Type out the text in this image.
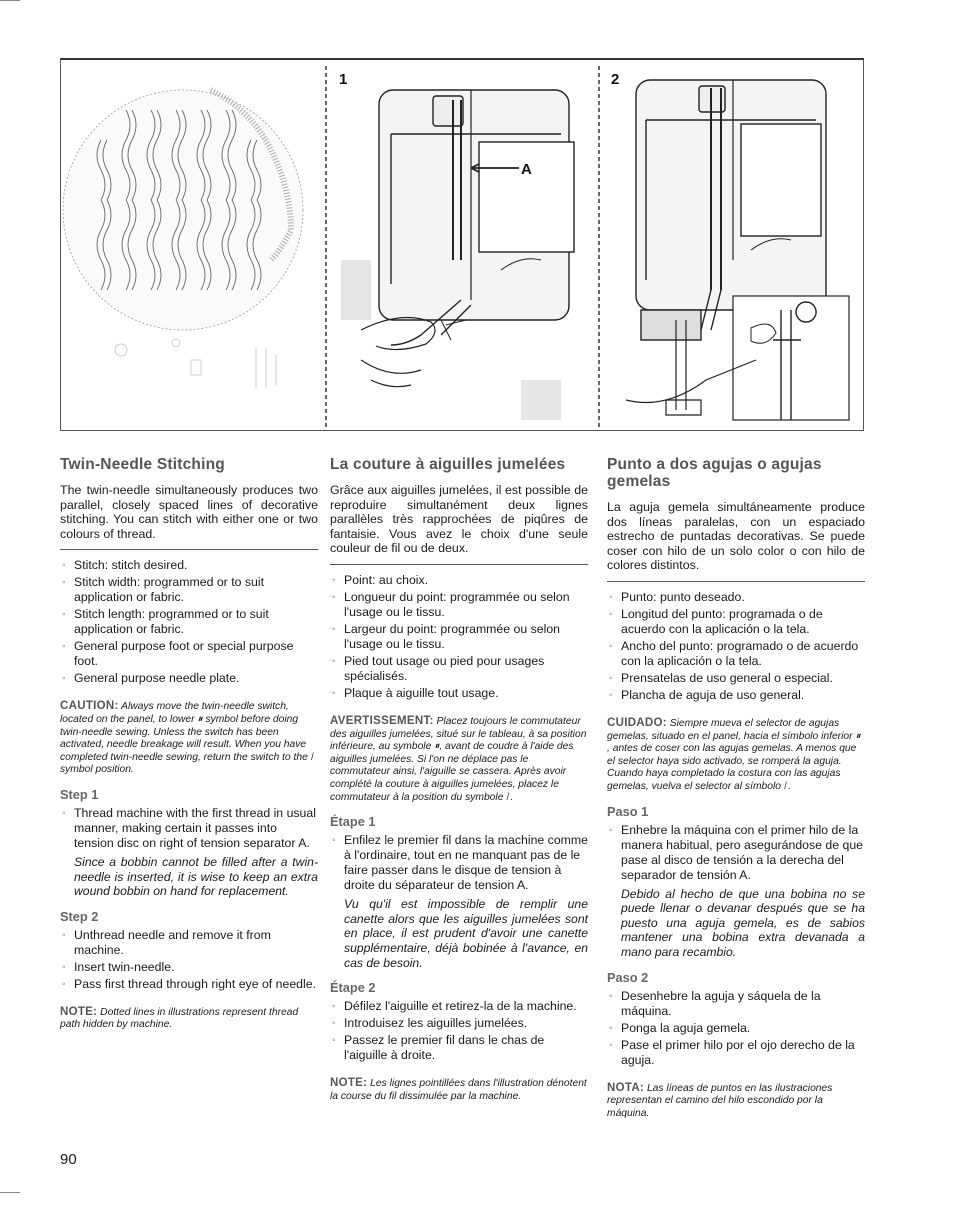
1
A
2
Twin-Needle Stitching

The twin-needle simultaneously produces two parallel, closely spaced lines of decorative stitching. You can stitch with either one or two colours of thread.

◦ Stitch: stitch desired.
◦ Stitch width: programmed or to suit application or fabric.
◦ Stitch length: programmed or to suit application or fabric.
◦ General purpose foot or special purpose foot.
◦ General purpose needle plate.

CAUTION: Always move the twin-needle switch, located on the panel, to lower ⏸ symbol before doing twin-needle sewing. Unless the switch has been activated, needle breakage will result. When you have completed twin-needle sewing, return the switch to the ❘ symbol position.

Step 1
◦ Thread machine with the first thread in usual manner, making certain it passes into tension disc on right of tension separator A.

Since a bobbin cannot be filled after a twin-needle is inserted, it is wise to keep an extra wound bobbin on hand for replacement.

Step 2
◦ Unthread needle and remove it from machine.
◦ Insert twin-needle.
◦ Pass first thread through right eye of needle.

NOTE: Dotted lines in illustrations represent thread path hidden by machine.

La couture à aiguilles jumelées

Grâce aux aiguilles jumelées, il est possible de reproduire simultanément deux lignes parallèles très rapprochées de piqûres de fantaisie. Vous avez le choix d'une seule couleur de fil ou de deux.

◦ Point: au choix.
◦ Longueur du point: programmée ou selon l'usage ou le tissu.
◦ Largeur du point: programmée ou selon l'usage ou le tissu.
◦ Pied tout usage ou pied pour usages spécialisés.
◦ Plaque à aiguille tout usage.

AVERTISSEMENT: Placez toujours le commutateur des aiguilles jumelées, situé sur le tableau, à sa position inférieure, au symbole ⏸, avant de coudre à l'aide des aiguilles jumelées. Si l'on ne déplace pas le commutateur ainsi, l'aiguille se cassera. Après avoir complété la couture à aiguilles jumelées, placez le commutateur à la position du symbole ❘ .

Étape 1
◦ Enfilez le premier fil dans la machine comme à l'ordinaire, tout en ne manquant pas de le faire passer dans le disque de tension à droite du séparateur de tension A.

Vu qu'il est impossible de remplir une canette alors que les aiguilles jumelées sont en place, il est prudent d'avoir une canette supplémentaire, déjà bobinée à l'avance, en cas de besoin.

Étape 2
◦ Défilez l'aiguille et retirez-la de la machine.
◦ Introduisez les aiguilles jumelées.
◦ Passez le premier fil dans le chas de l'aiguille à droite.

NOTE: Les lignes pointillées dans l'illustration dénotent la course du fil dissimulée par la machine.

Punto a dos agujas o agujas gemelas

La aguja gemela simultáneamente produce dos líneas paralelas, con un espaciado estrecho de puntadas decorativas. Se puede coser con hilo de un solo color o con hilo de colores distintos.

◦ Punto: punto deseado.
◦ Longitud del punto: programada o de acuerdo con la aplicación o la tela.
◦ Ancho del punto: programado o de acuerdo con la aplicación o la tela.
◦ Prensatelas de uso general o especial.
◦ Plancha de aguja de uso general.

CUIDADO: Siempre mueva el selector de agujas gemelas, situado en el panel, hacia el símbolo inferior ⏸ , antes de coser con las agujas gemelas. A menos que el selector haya sido activado, se romperá la aguja. Cuando haya completado la costura con las agujas gemelas, vuelva el selector al símbolo ❘ .

Paso 1
◦ Enhebre la máquina con el primer hilo de la manera habitual, pero asegurándose de que pase al disco de tensión a la derecha del separador de tensión A.

Debido al hecho de que una bobina no se puede llenar o devanar después que se ha puesto una aguja gemela, es de sabios mantener una bobina extra devanada a mano para recambio.

Paso 2
◦ Desenhebre la aguja y sáquela de la máquina.
◦ Ponga la aguja gemela.
◦ Pase el primer hilo por el ojo derecho de la aguja.

NOTA: Las líneas de puntos en las ilustraciones representan el camino del hilo escondido por la máquina.

90
